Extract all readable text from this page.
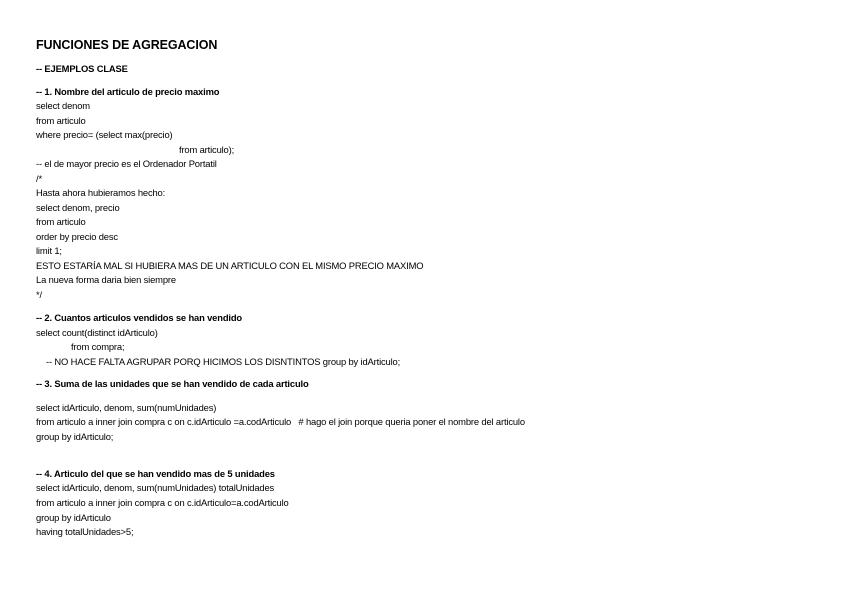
FUNCIONES DE AGREGACION
-- EJEMPLOS CLASE
-- 1. Nombre del articulo de precio maximo
select denom
from articulo
where precio= (select max(precio)
from articulo);
-- el de mayor precio es el Ordenador Portatil
/*
Hasta ahora hubieramos hecho:
select denom, precio
from articulo
order by precio desc
limit 1;
ESTO ESTARÍA MAL SI HUBIERA MAS DE UN ARTICULO CON EL MISMO PRECIO MAXIMO
La nueva forma daria bien siempre
*/
-- 2. Cuantos articulos vendidos se han vendido
select count(distinct idArticulo)
from compra;
-- NO HACE FALTA AGRUPAR PORQ HICIMOS LOS DISNTINTOS group by idArticulo;
-- 3. Suma de las unidades que se han vendido de cada articulo
select idArticulo, denom, sum(numUnidades)
from articulo a inner join compra c on c.idArticulo =a.codArticulo   # hago el join porque queria poner el nombre del articulo
group by idArticulo;
-- 4. Articulo del que se han vendido mas de 5 unidades
select idArticulo, denom, sum(numUnidades) totalUnidades
from articulo a inner join compra c on c.idArticulo=a.codArticulo
group by idArticulo
having totalUnidades>5;
